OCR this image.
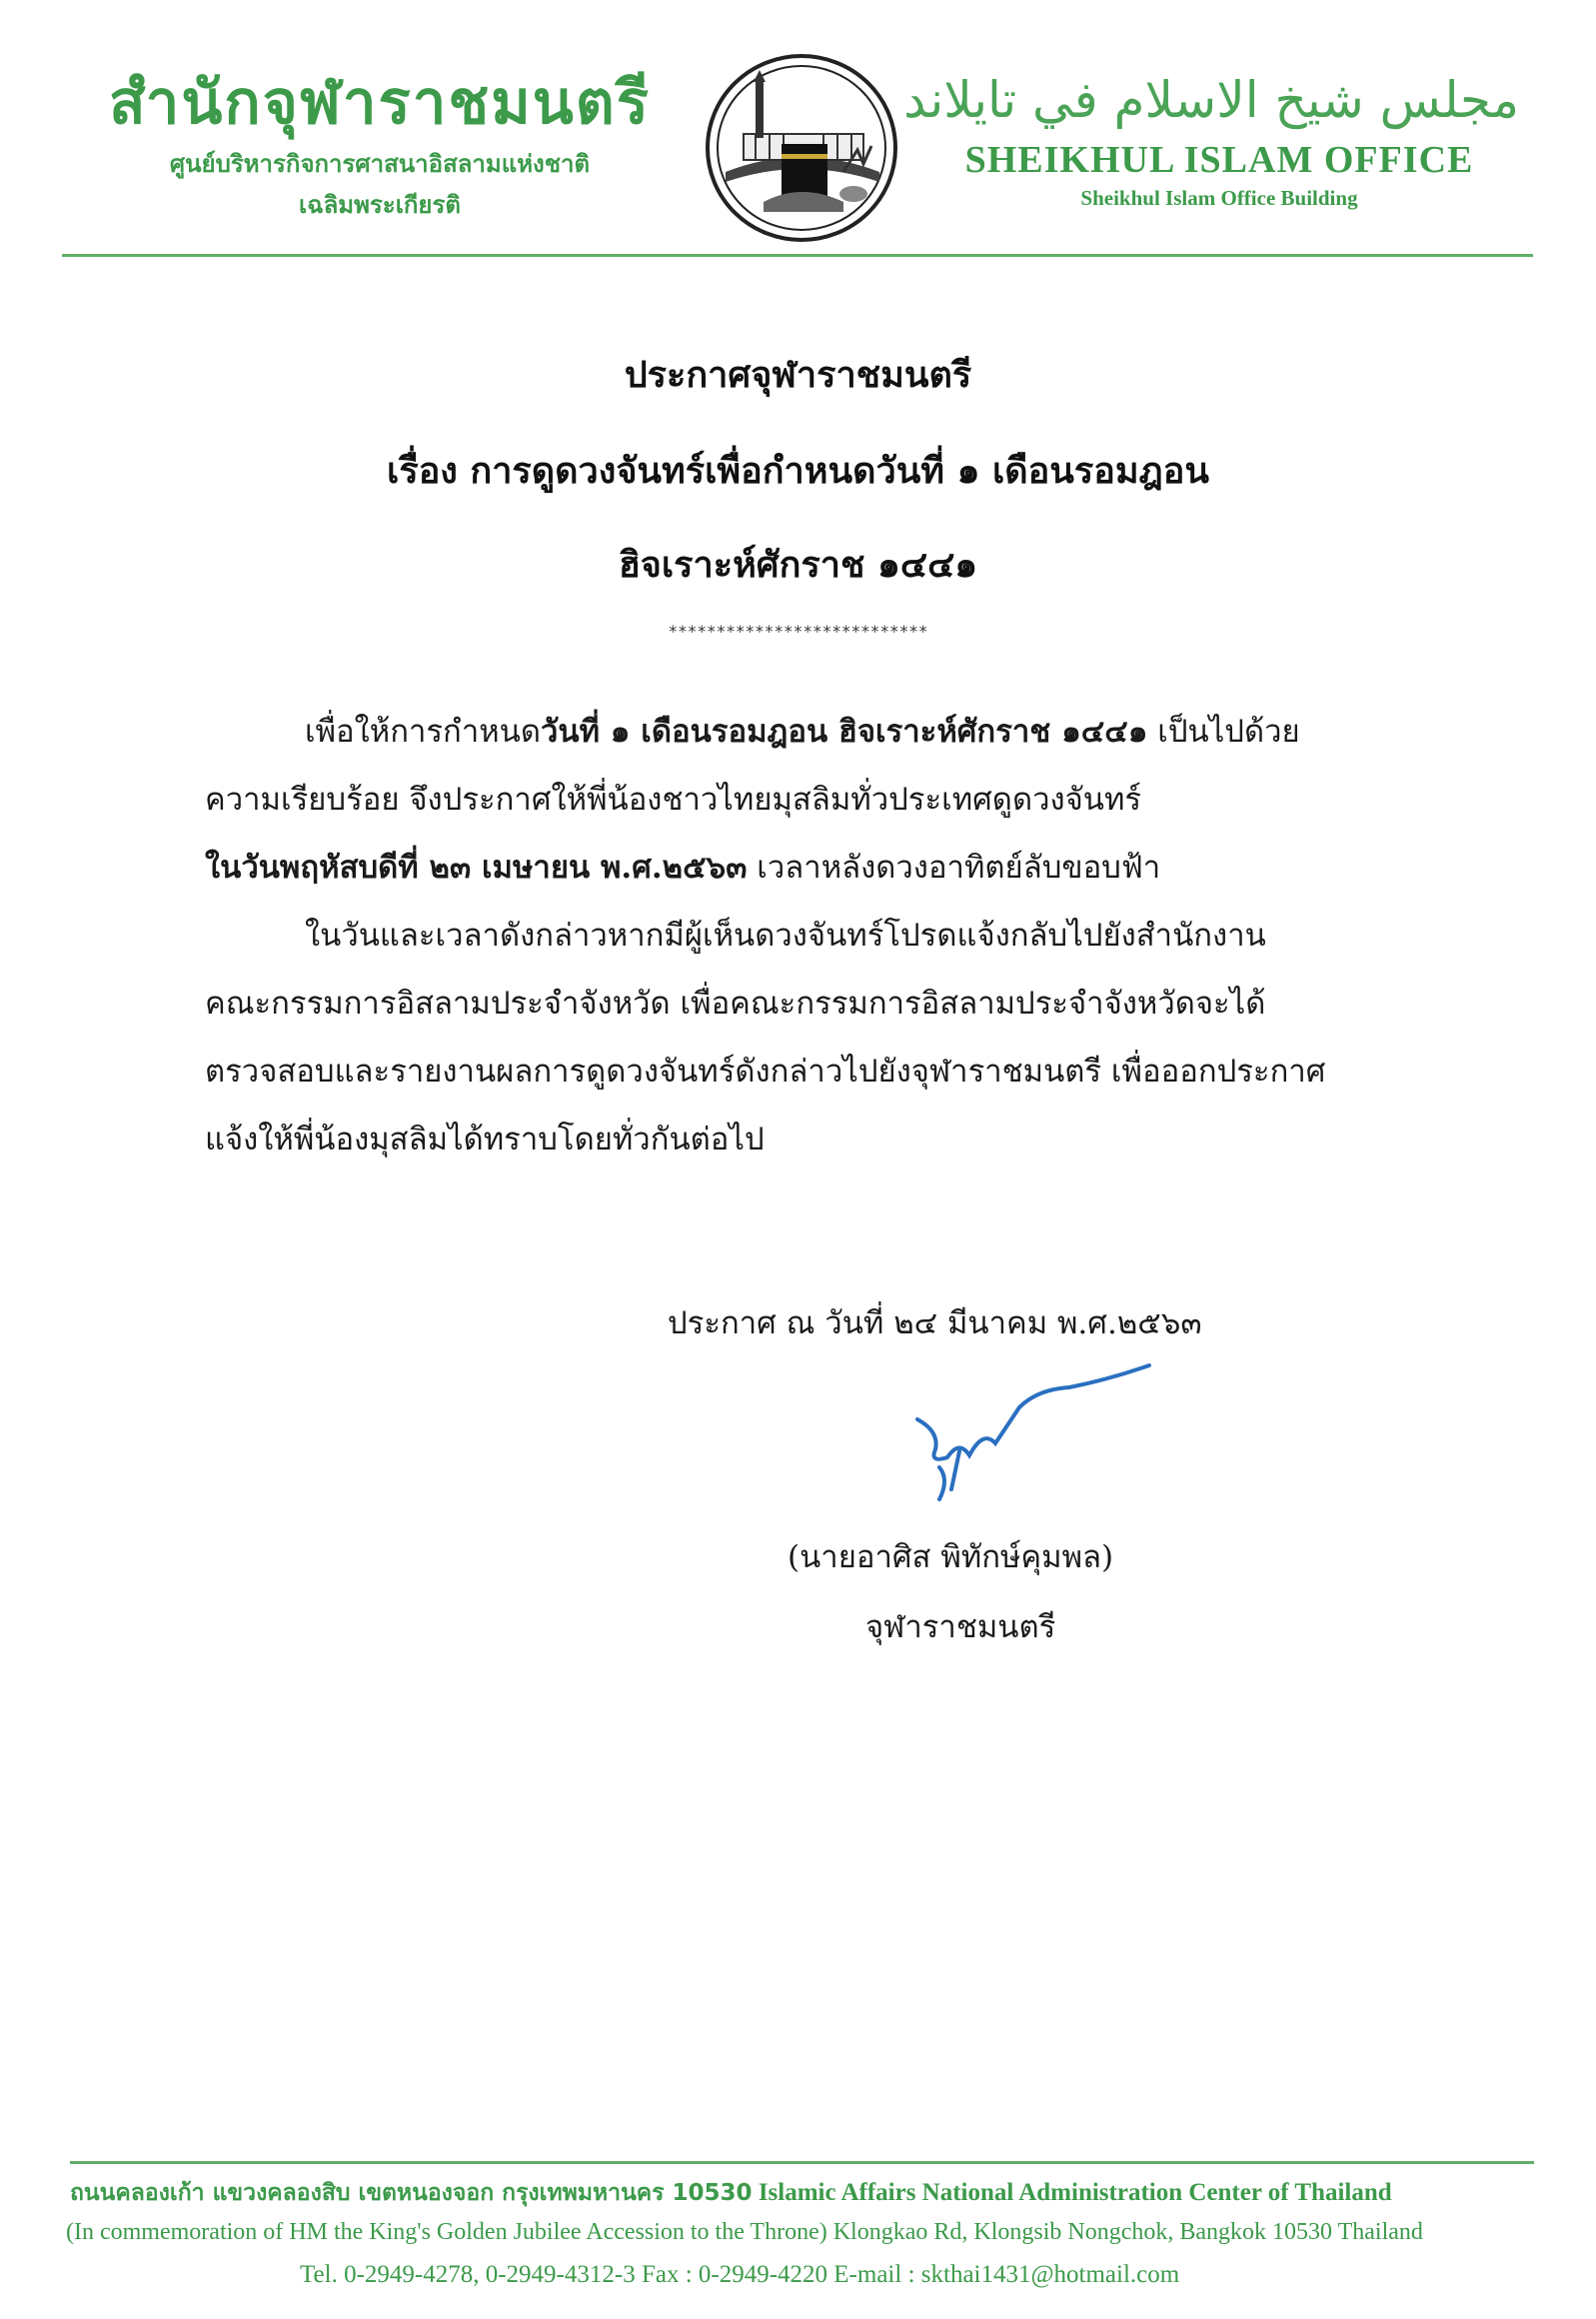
สำนักจุฬาราชมนตรี
ศูนย์บริหารกิจการศาสนาอิสลามแห่งชาติ
เฉลิมพระเกียรติ
مجلس شيخ الاسلام في تايلاند
SHEIKHUL ISLAM OFFICE
Sheikhul Islam Office Building
ประกาศจุฬาราชมนตรี
เรื่อง การดูดวงจันทร์เพื่อกำหนดวันที่ ๑ เดือนรอมฎอน
ฮิจเราะห์ศักราช ๑๔๔๑
***************************
เพื่อให้การกำหนดวันที่ ๑ เดือนรอมฎอน ฮิจเราะห์ศักราช ๑๔๔๑ เป็นไปด้วย
ความเรียบร้อย จึงประกาศให้พี่น้องชาวไทยมุสลิมทั่วประเทศดูดวงจันทร์
ในวันพฤหัสบดีที่ ๒๓ เมษายน พ.ศ.๒๕๖๓ เวลาหลังดวงอาทิตย์ลับขอบฟ้า
ในวันและเวลาดังกล่าวหากมีผู้เห็นดวงจันทร์โปรดแจ้งกลับไปยังสำนักงาน
คณะกรรมการอิสลามประจำจังหวัด เพื่อคณะกรรมการอิสลามประจำจังหวัดจะได้
ตรวจสอบและรายงานผลการดูดวงจันทร์ดังกล่าวไปยังจุฬาราชมนตรี เพื่อออกประกาศ
แจ้งให้พี่น้องมุสลิมได้ทราบโดยทั่วกันต่อไป
ประกาศ ณ วันที่ ๒๔ มีนาคม พ.ศ.๒๕๖๓
(นายอาศิส พิทักษ์คุมพล)
จุฬาราชมนตรี
ถนนคลองเก้า แขวงคลองสิบ เขตหนองจอก กรุงเทพมหานคร 10530 Islamic Affairs National Administration Center of Thailand
(In commemoration of HM the King's Golden Jubilee Accession to the Throne) Klongkao Rd, Klongsib Nongchok, Bangkok 10530 Thailand
Tel. 0-2949-4278, 0-2949-4312-3 Fax : 0-2949-4220 E-mail : skthai1431@hotmail.com
